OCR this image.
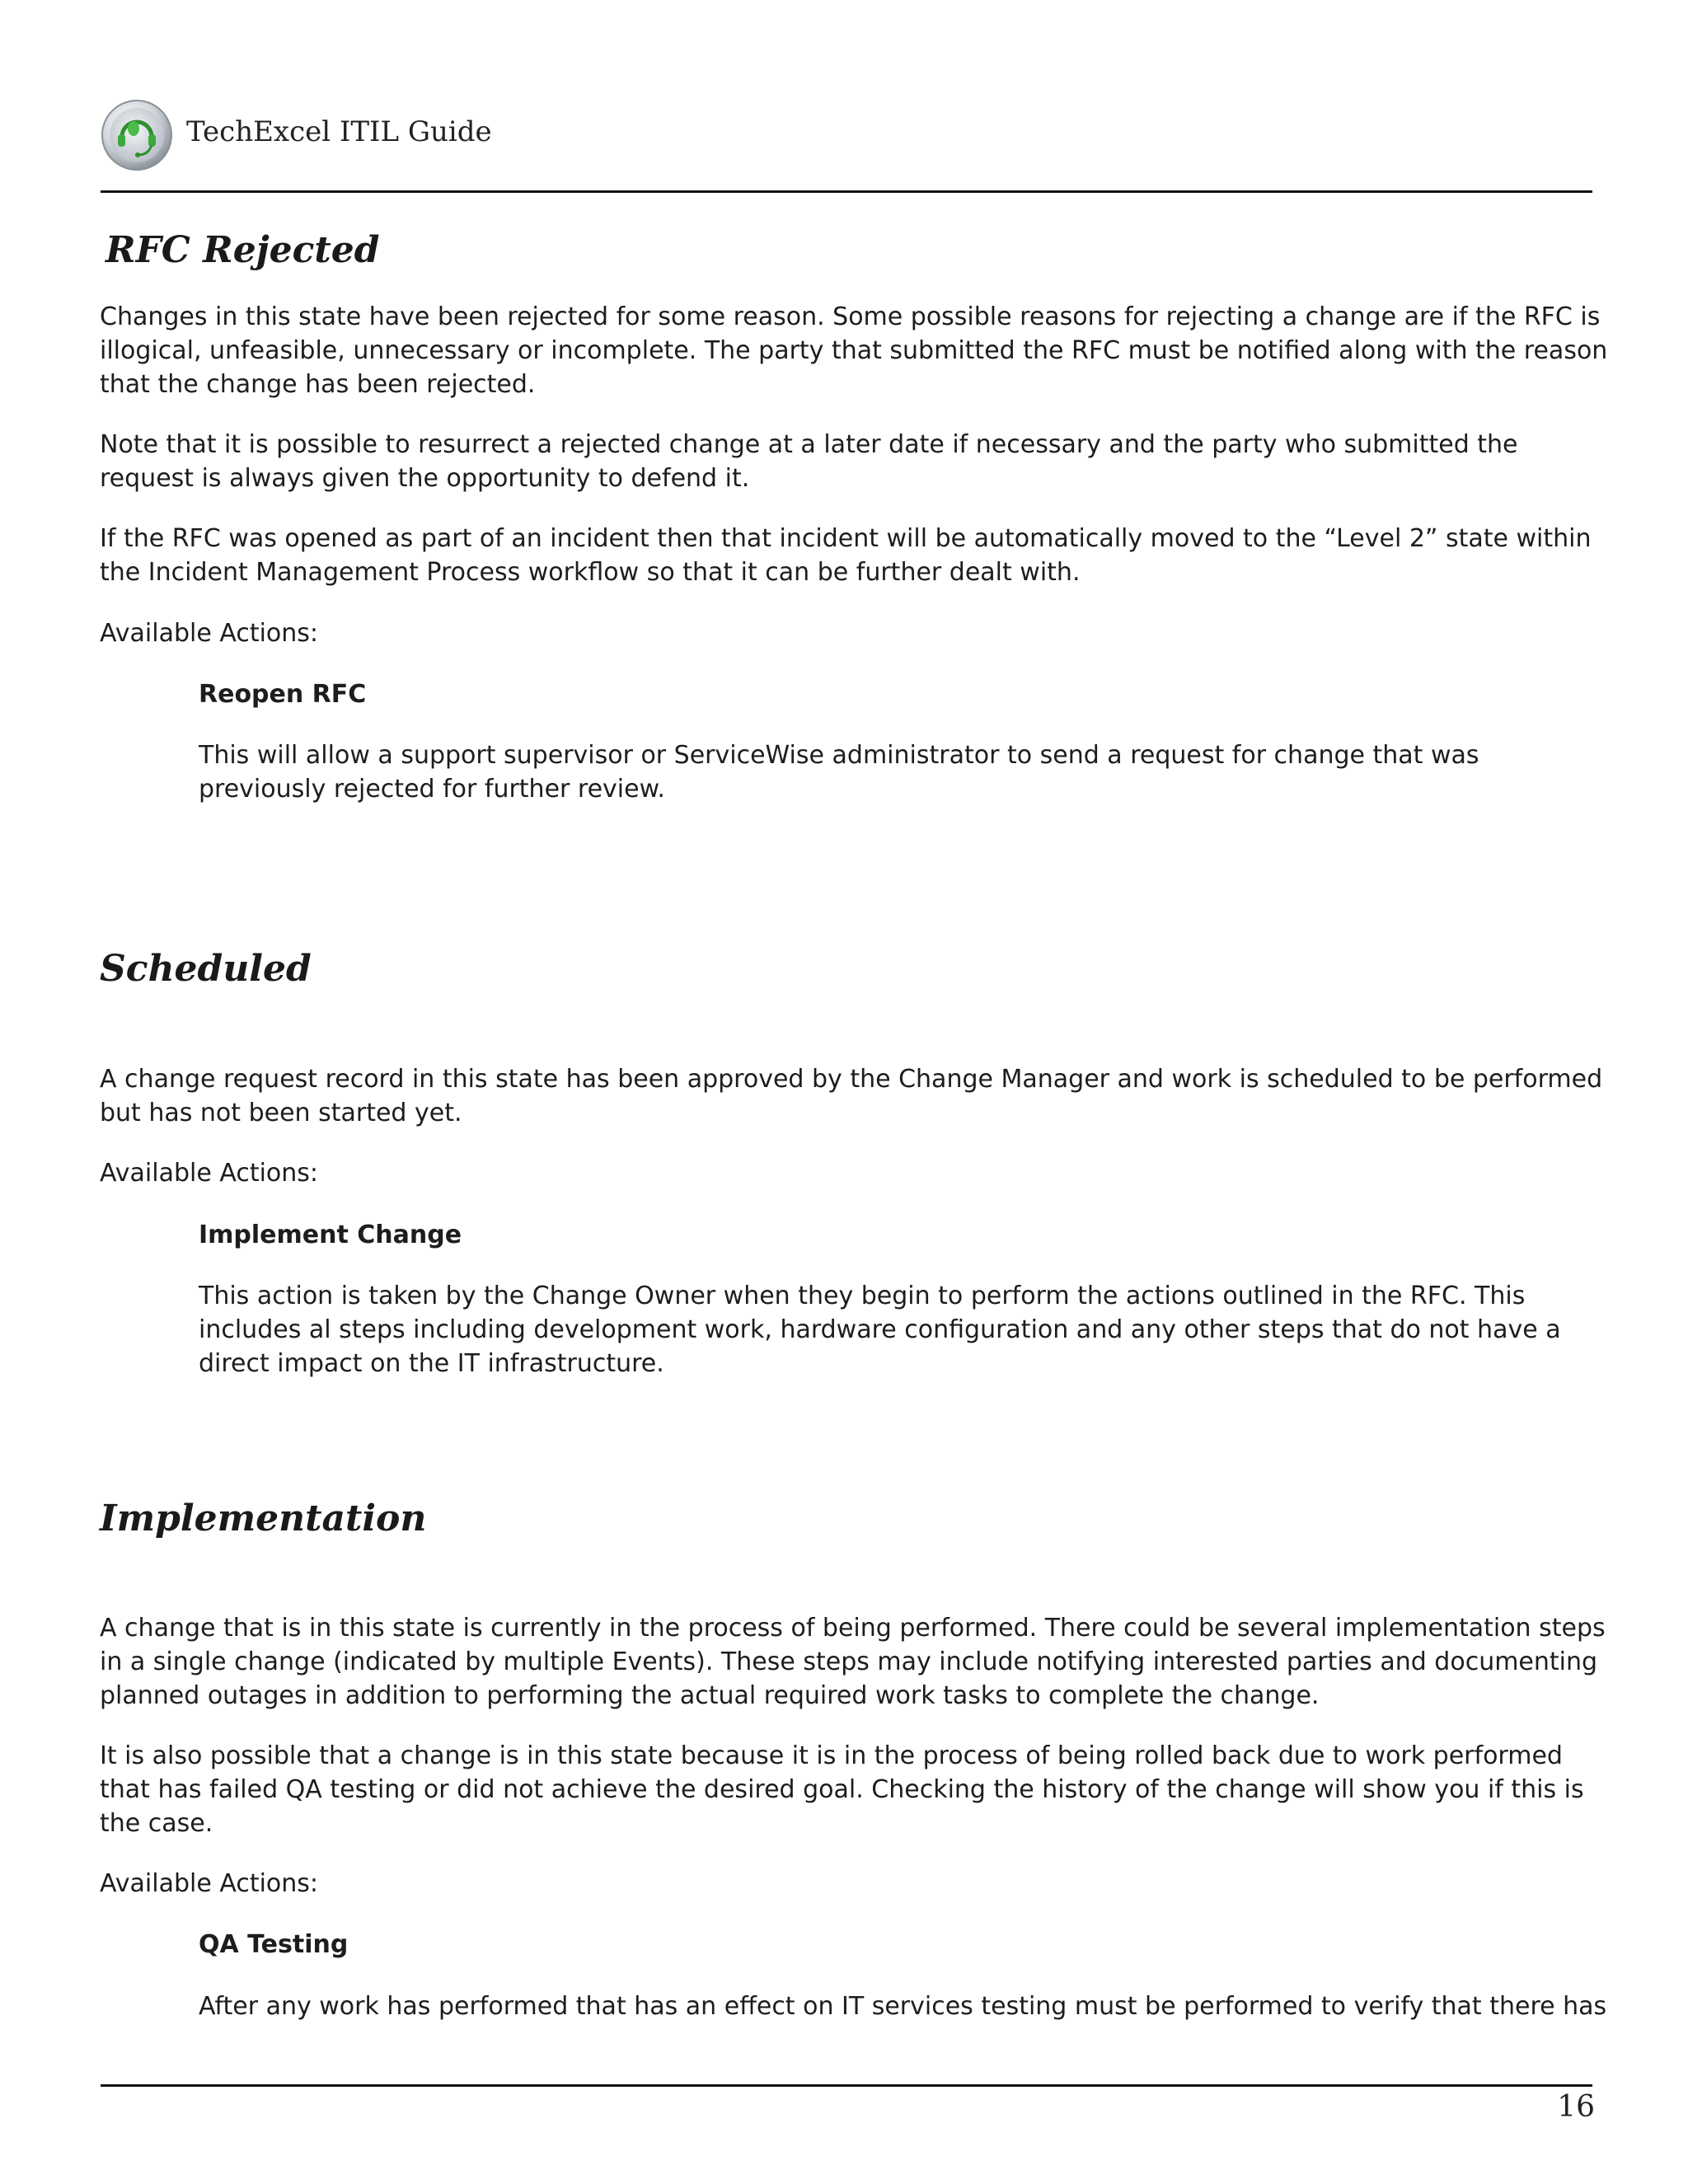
TechExcel ITIL Guide
RFC Rejected

Changes in this state have been rejected for some reason. Some possible reasons for rejecting a change are if the RFC is illogical, unfeasible, unnecessary or incomplete. The party that submitted the RFC must be notified along with the reason that the change has been rejected.

Note that it is possible to resurrect a rejected change at a later date if necessary and the party who submitted the request is always given the opportunity to defend it.

If the RFC was opened as part of an incident then that incident will be automatically moved to the “Level 2” state within the Incident Management Process workflow so that it can be further dealt with.

Available Actions:

Reopen RFC

This will allow a support supervisor or ServiceWise administrator to send a request for change that was previously rejected for further review.

Scheduled

A change request record in this state has been approved by the Change Manager and work is scheduled to be performed but has not been started yet.

Available Actions:

Implement Change

This action is taken by the Change Owner when they begin to perform the actions outlined in the RFC. This includes al steps including development work, hardware configuration and any other steps that do not have a direct impact on the IT infrastructure.

Implementation

A change that is in this state is currently in the process of being performed. There could be several implementation steps in a single change (indicated by multiple Events). These steps may include notifying interested parties and documenting planned outages in addition to performing the actual required work tasks to complete the change.

It is also possible that a change is in this state because it is in the process of being rolled back due to work performed that has failed QA testing or did not achieve the desired goal. Checking the history of the change will show you if this is the case.

Available Actions:

QA Testing

After any work has performed that has an effect on IT services testing must be performed to verify that there has

16
